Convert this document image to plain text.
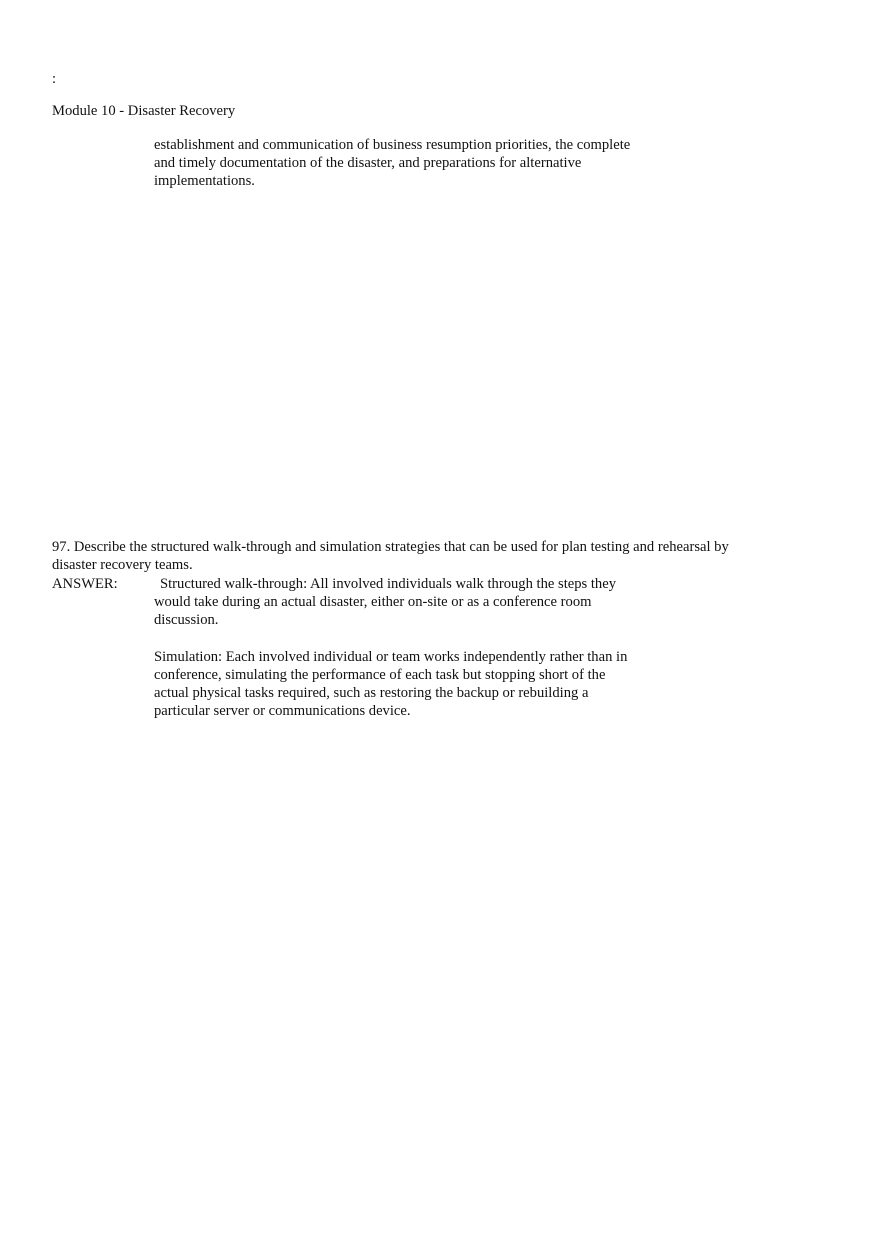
:
Module 10 - Disaster Recovery
establishment and communication of business resumption priorities, the complete
and timely documentation of the disaster, and preparations for alternative
implementations.
97. Describe the structured walk-through and simulation strategies that can be used for plan testing and rehearsal by
disaster recovery teams.
ANSWER:	Structured walk-through: All involved individuals walk through the steps they
would take during an actual disaster, either on-site or as a conference room
discussion.
Simulation: Each involved individual or team works independently rather than in
conference, simulating the performance of each task but stopping short of the
actual physical tasks required, such as restoring the backup or rebuilding a
particular server or communications device.
